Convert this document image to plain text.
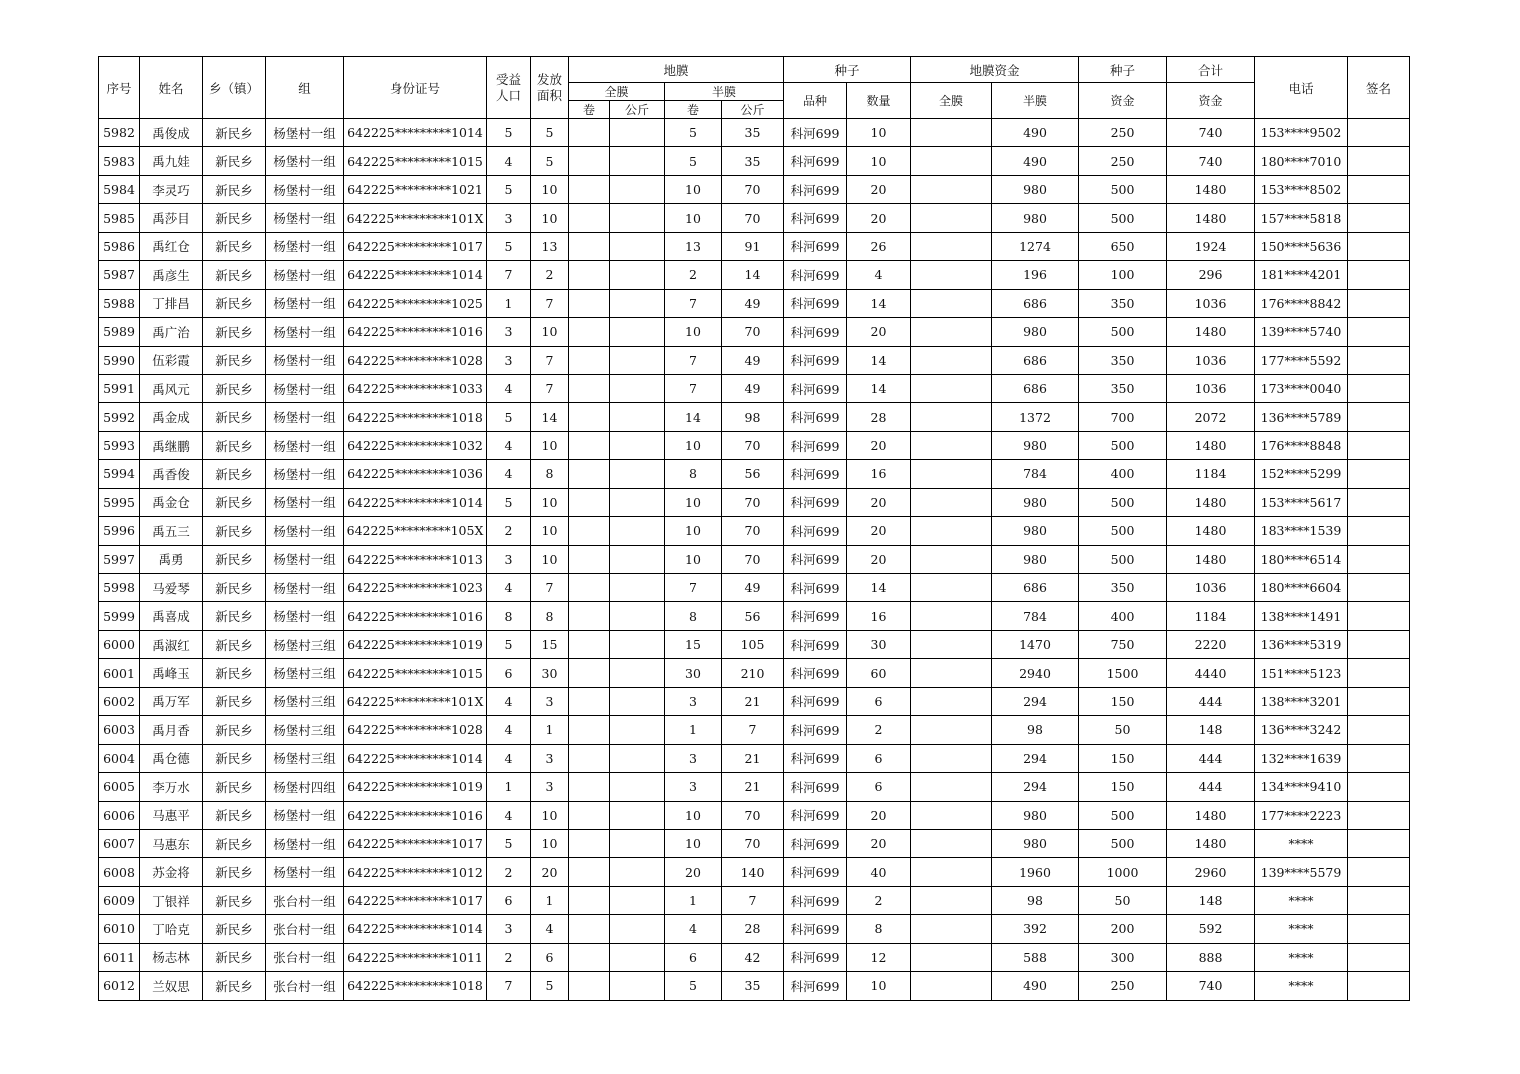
序号	姓名	乡（镇）	组	身份证号	受益人口	发放面积	地膜				种子		地膜资金		种子	合计	电话	签名
							全膜		半膜		品种	数量	全膜	半膜	资金	资金		
							卷	公斤	卷	公斤								
5982	禹俊成	新民乡	杨堡村一组	642225*********1014	5	5			5	35	科河699	10		490	250	740	153****9502	
5983	禹九娃	新民乡	杨堡村一组	642225*********1015	4	5			5	35	科河699	10		490	250	740	180****7010	
5984	李灵巧	新民乡	杨堡村一组	642225*********1021	5	10			10	70	科河699	20		980	500	1480	153****8502	
5985	禹莎目	新民乡	杨堡村一组	642225*********101X	3	10			10	70	科河699	20		980	500	1480	157****5818	
5986	禹红仓	新民乡	杨堡村一组	642225*********1017	5	13			13	91	科河699	26		1274	650	1924	150****5636	
5987	禹彦生	新民乡	杨堡村一组	642225*********1014	7	2			2	14	科河699	4		196	100	296	181****4201	
5988	丁排昌	新民乡	杨堡村一组	642225*********1025	1	7			7	49	科河699	14		686	350	1036	176****8842	
5989	禹广治	新民乡	杨堡村一组	642225*********1016	3	10			10	70	科河699	20		980	500	1480	139****5740	
5990	伍彩霞	新民乡	杨堡村一组	642225*********1028	3	7			7	49	科河699	14		686	350	1036	177****5592	
5991	禹风元	新民乡	杨堡村一组	642225*********1033	4	7			7	49	科河699	14		686	350	1036	173****0040	
5992	禹金成	新民乡	杨堡村一组	642225*********1018	5	14			14	98	科河699	28		1372	700	2072	136****5789	
5993	禹继鹏	新民乡	杨堡村一组	642225*********1032	4	10			10	70	科河699	20		980	500	1480	176****8848	
5994	禹香俊	新民乡	杨堡村一组	642225*********1036	4	8			8	56	科河699	16		784	400	1184	152****5299	
5995	禹金仓	新民乡	杨堡村一组	642225*********1014	5	10			10	70	科河699	20		980	500	1480	153****5617	
5996	禹五三	新民乡	杨堡村一组	642225*********105X	2	10			10	70	科河699	20		980	500	1480	183****1539	
5997	禹勇	新民乡	杨堡村一组	642225*********1013	3	10			10	70	科河699	20		980	500	1480	180****6514	
5998	马爱琴	新民乡	杨堡村一组	642225*********1023	4	7			7	49	科河699	14		686	350	1036	180****6604	
5999	禹喜成	新民乡	杨堡村一组	642225*********1016	8	8			8	56	科河699	16		784	400	1184	138****1491	
6000	禹淑红	新民乡	杨堡村三组	642225*********1019	5	15			15	105	科河699	30		1470	750	2220	136****5319	
6001	禹峰玉	新民乡	杨堡村三组	642225*********1015	6	30			30	210	科河699	60		2940	1500	4440	151****5123	
6002	禹万军	新民乡	杨堡村三组	642225*********101X	4	3			3	21	科河699	6		294	150	444	138****3201	
6003	禹月香	新民乡	杨堡村三组	642225*********1028	4	1			1	7	科河699	2		98	50	148	136****3242	
6004	禹仓德	新民乡	杨堡村三组	642225*********1014	4	3			3	21	科河699	6		294	150	444	132****1639	
6005	李万水	新民乡	杨堡村四组	642225*********1019	1	3			3	21	科河699	6		294	150	444	134****9410	
6006	马惠平	新民乡	杨堡村一组	642225*********1016	4	10			10	70	科河699	20		980	500	1480	177****2223	
6007	马惠东	新民乡	杨堡村一组	642225*********1017	5	10			10	70	科河699	20		980	500	1480	****	
6008	苏金将	新民乡	杨堡村一组	642225*********1012	2	20			20	140	科河699	40		1960	1000	2960	139****5579	
6009	丁银祥	新民乡	张台村一组	642225*********1017	6	1			1	7	科河699	2		98	50	148	****	
6010	丁哈克	新民乡	张台村一组	642225*********1014	3	4			4	28	科河699	8		392	200	592	****	
6011	杨志林	新民乡	张台村一组	642225*********1011	2	6			6	42	科河699	12		588	300	888	****	
6012	兰奴思	新民乡	张台村一组	642225*********1018	7	5			5	35	科河699	10		490	250	740	****	
